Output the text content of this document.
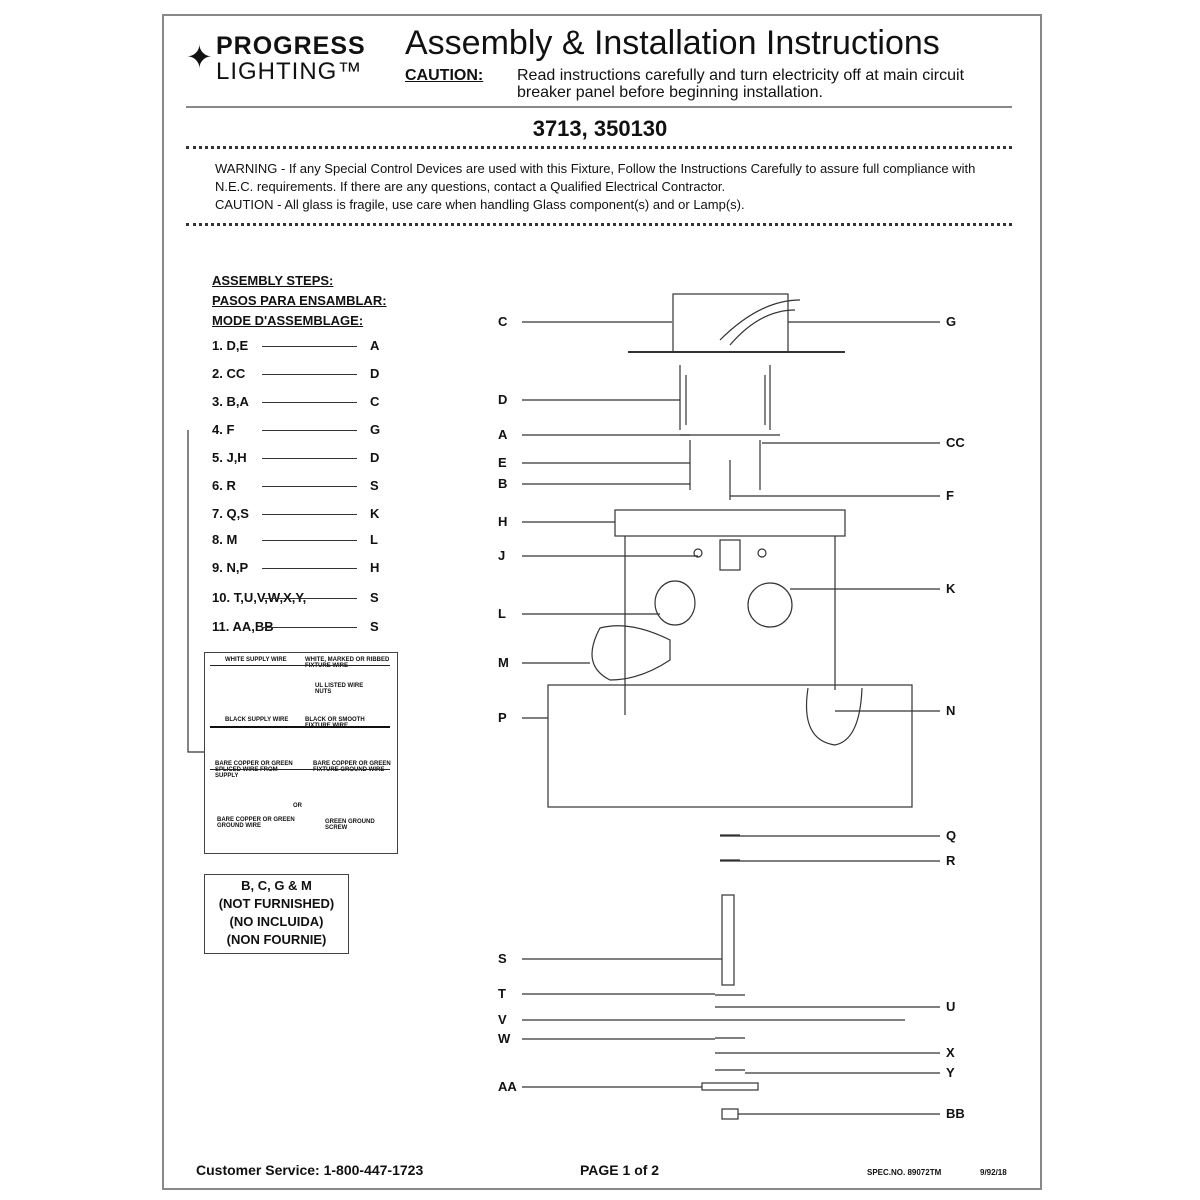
✦ PROGRESS
LIGHTING™
Assembly & Installation Instructions
CAUTION: Read instructions carefully and turn electricity off at main circuit breaker panel before beginning installation.
3713, 350130
WARNING - If any Special Control Devices are used with this Fixture, Follow the Instructions Carefully to assure full compliance with N.E.C. requirements. If there are any questions, contact a Qualified Electrical Contractor.
CAUTION - All glass is fragile, use care when handling Glass component(s) and or Lamp(s).
ASSEMBLY STEPS:
PASOS PARA ENSAMBLAR:
MODE D'ASSEMBLAGE:
1. D,E	A
2. CC	D
3. B,A	C
4. F	G
5. J,H	D
6. R	S
7. Q,S	K
8. M	L
9. N,P	H
10. T,U,V,W,X,Y,	S
11. AA,BB	S
WHITE SUPPLY WIRE	WHITE, MARKED OR RIBBED FIXTURE WIRE
UL LISTED WIRE NUTS
BLACK SUPPLY WIRE	BLACK OR SMOOTH FIXTURE WIRE
BARE COPPER OR GREEN SPLICED WIRE FROM SUPPLY
BARE COPPER OR GREEN FIXTURE GROUND WIRE
OR
BARE COPPER OR GREEN GROUND WIRE
GREEN GROUND SCREW
B, C, G & M
(NOT FURNISHED)
(NO INCLUIDA)
(NON FOURNIE)
C
D
A
E
B
H
J
L
M
P
S
T
V
W
AA
G
CC
F
K
N
Q
R
U
X
Y
BB
Customer Service: 1-800-447-1723	PAGE 1 of 2	SPEC.NO. 89072TM	9/92/18
